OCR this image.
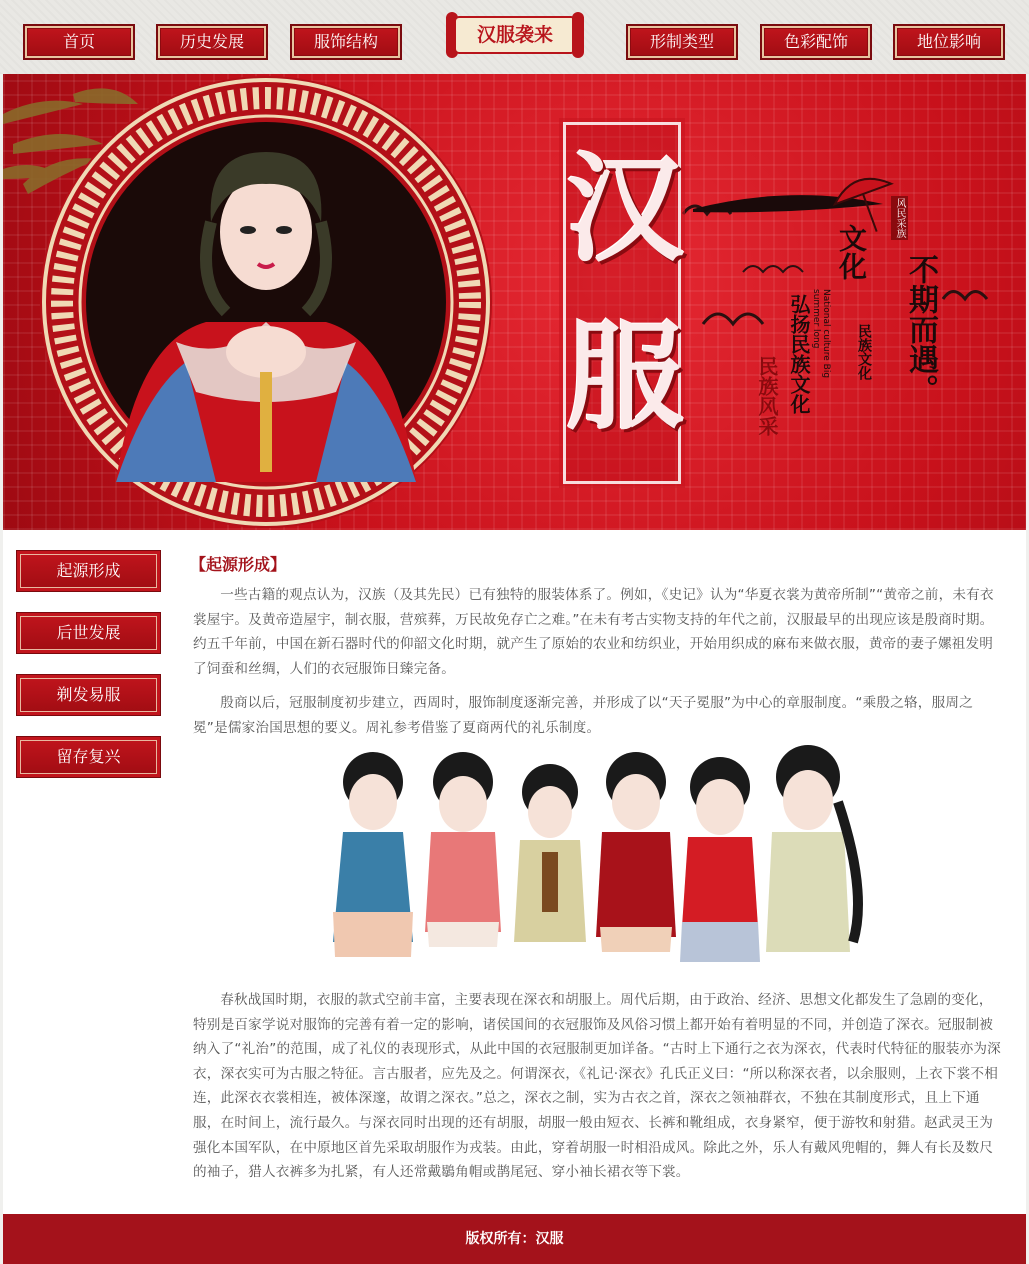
首页	历史发展	服饰结构	汉服袭来	形制类型	色彩配饰	地位影响
汉
服
文化
不期而遇。
弘扬民族文化
民族风采
民族文化
风民采族
National culture Big summer long
起源形成
后世发展
剃发易服
留存复兴
【起源形成】

一些古籍的观点认为，汉族（及其先民）已有独特的服装体系了。例如，《史记》认为“华夏衣裳为黄帝所制”“黄帝之前，未有衣裳屋宇。及黄帝造屋宇，制衣服，营殡葬，万民故免存亡之难。”在未有考古实物支持的年代之前，汉服最早的出现应该是殷商时期。约五千年前，中国在新石器时代的仰韶文化时期，就产生了原始的农业和纺织业，开始用织成的麻布来做衣服，黄帝的妻子嫘祖发明了饲蚕和丝绸，人们的衣冠服饰日臻完备。

殷商以后，冠服制度初步建立，西周时，服饰制度逐渐完善，并形成了以“天子冕服”为中心的章服制度。“乘殷之辂，服周之冕”是儒家治国思想的要义。周礼参考借鉴了夏商两代的礼乐制度。

春秋战国时期，衣服的款式空前丰富，主要表现在深衣和胡服上。周代后期，由于政治、经济、思想文化都发生了急剧的变化，特别是百家学说对服饰的完善有着一定的影响，诸侯国间的衣冠服饰及风俗习惯上都开始有着明显的不同，并创造了深衣。冠服制被纳入了“礼治”的范围，成了礼仪的表现形式，从此中国的衣冠服制更加详备。“古时上下通行之衣为深衣，代表时代特征的服装亦为深衣，深衣实可为古服之特征。言古服者，应先及之。何谓深衣，《礼记·深衣》孔氏正义曰：“所以称深衣者，以余服则，上衣下裳不相连，此深衣衣裳相连，被体深邃，故谓之深衣。”总之，深衣之制，实为古衣之首，深衣之领袖群衣，不独在其制度形式，且上下通服，在时间上，流行最久。与深衣同时出现的还有胡服，胡服一般由短衣、长裤和靴组成，衣身紧窄，便于游牧和射猎。赵武灵王为强化本国军队，在中原地区首先采取胡服作为戎装。由此，穿着胡服一时相沿成风。除此之外，乐人有戴风兜帽的，舞人有长及数尺的袖子，猎人衣裤多为扎紧，有人还常戴鶡角帽或鹊尾冠、穿小袖长裙衣等下裳。

版权所有：汉服
